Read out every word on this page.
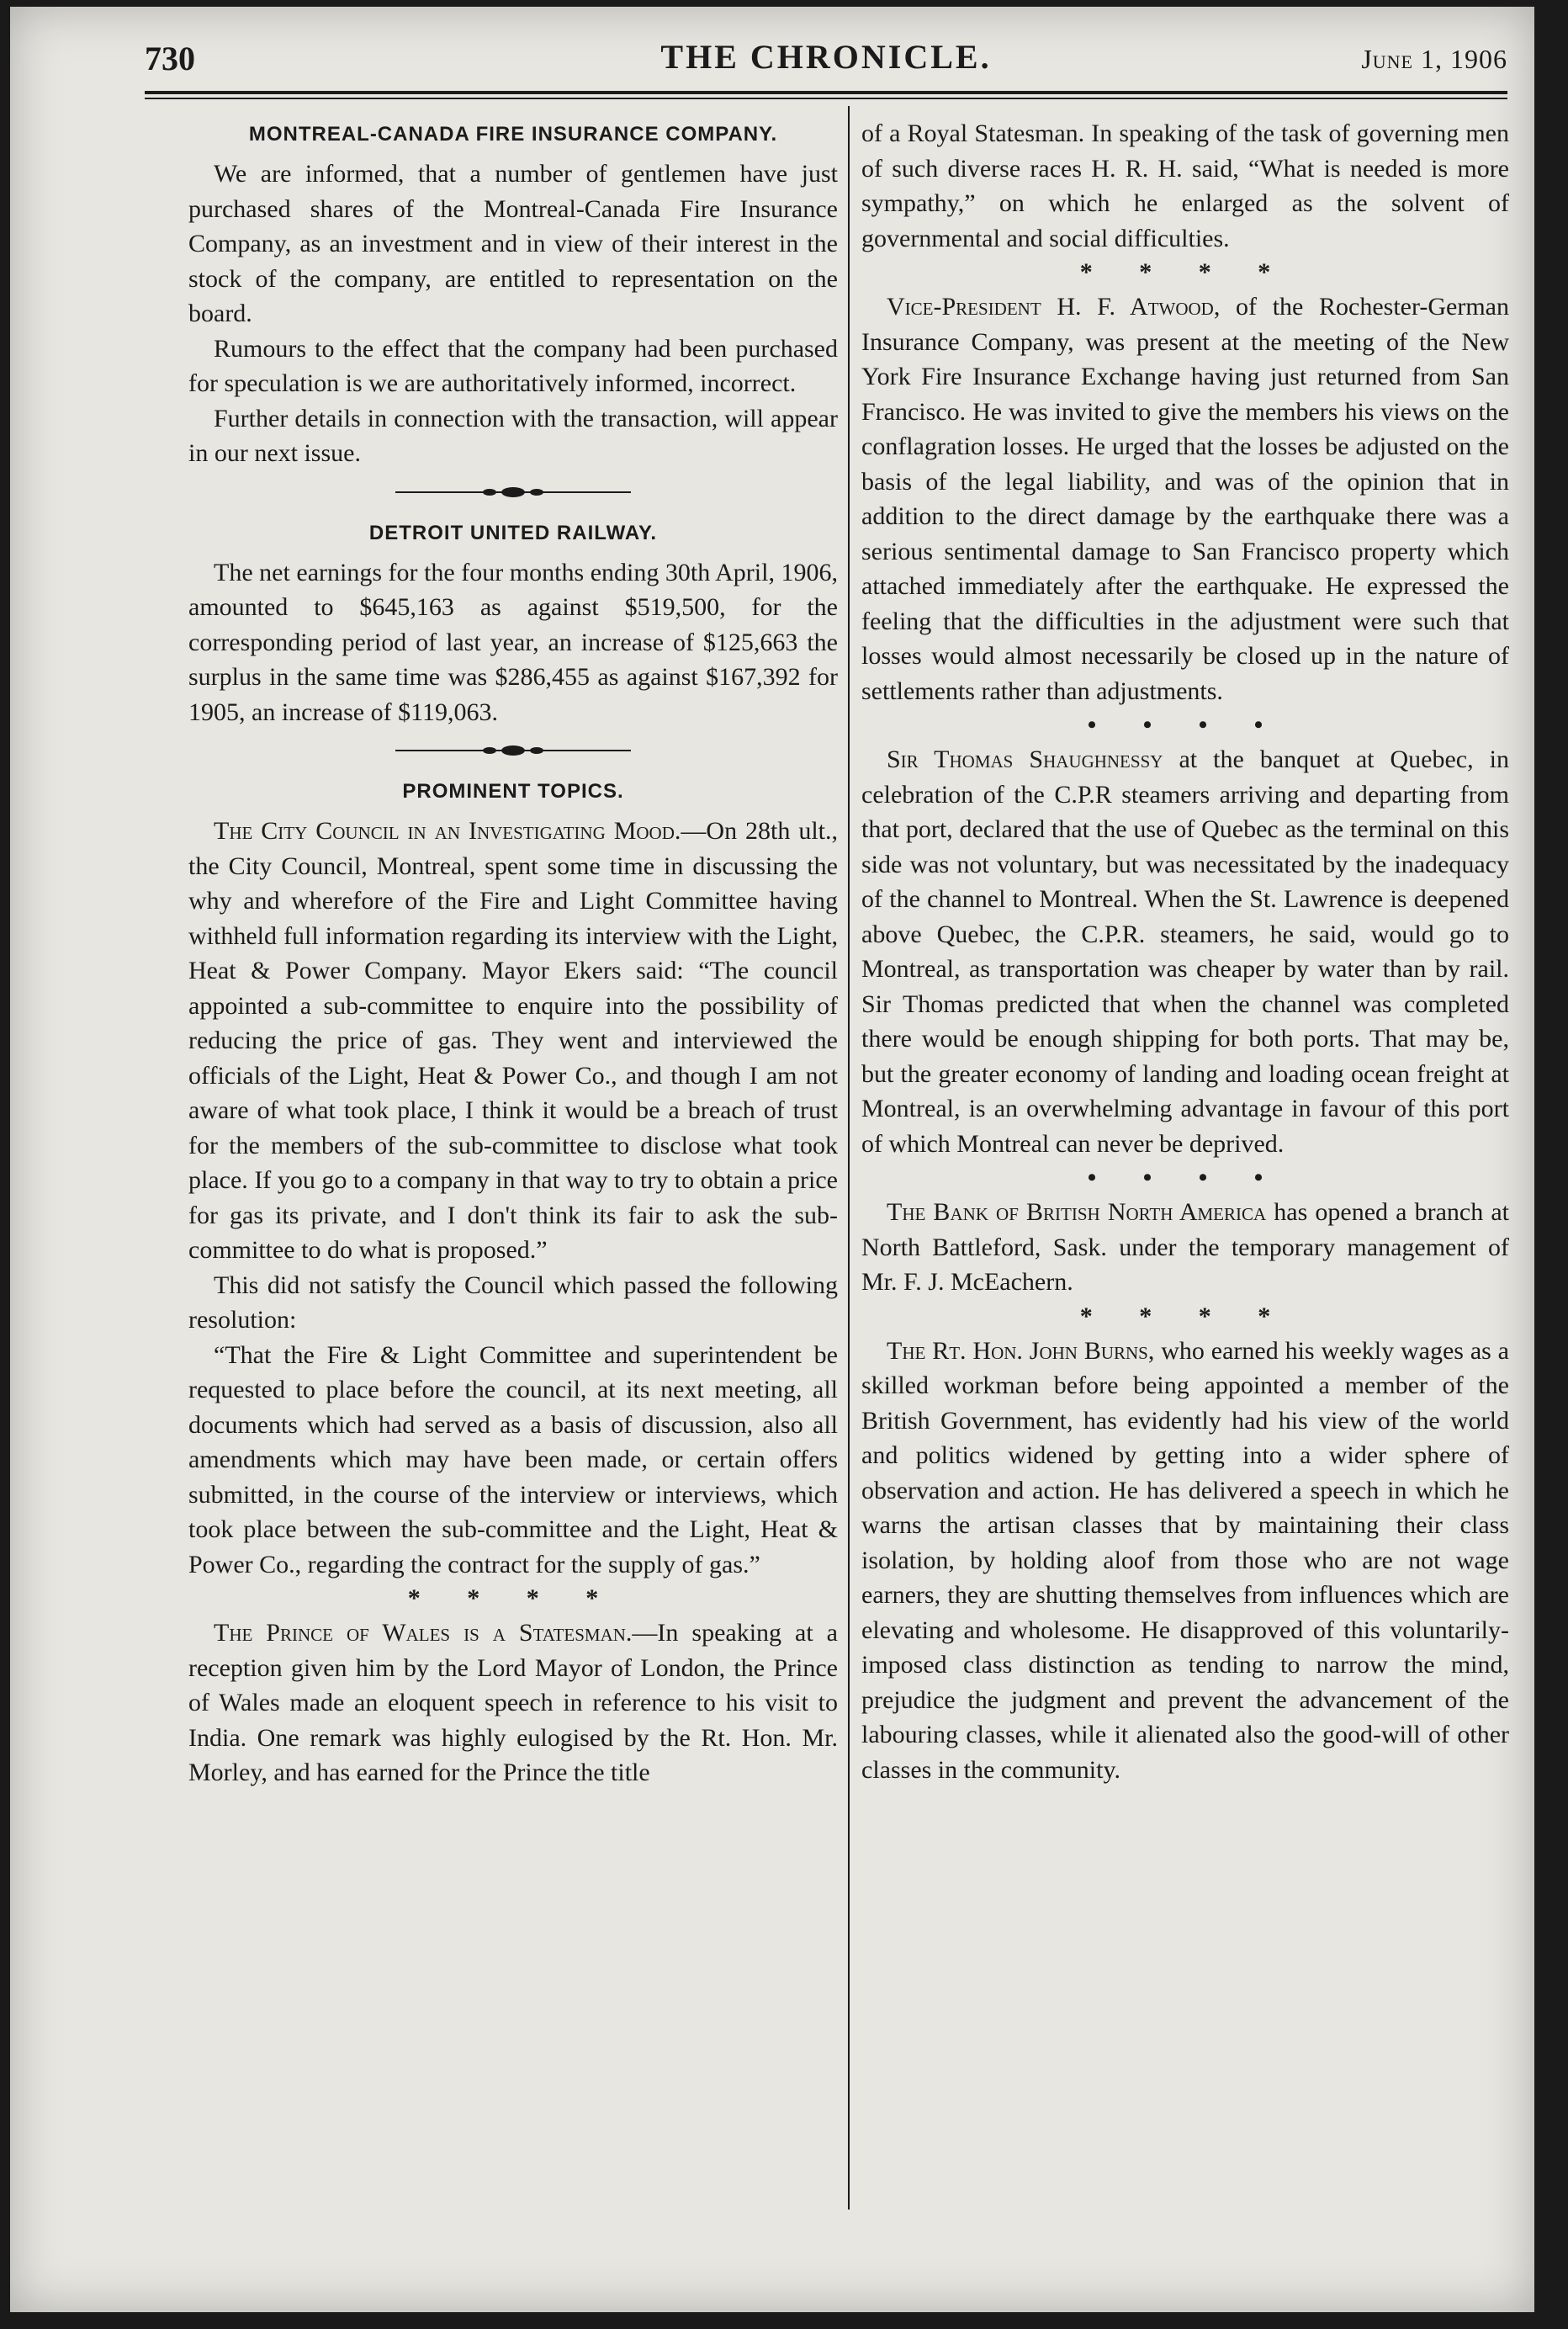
730	THE CHRONICLE.	June 1, 1906
MONTREAL-CANADA FIRE INSURANCE COMPANY.

We are informed, that a number of gentlemen have just purchased shares of the Montreal-Canada Fire Insurance Company, as an investment and in view of their interest in the stock of the company, are entitled to representation on the board.

Rumours to the effect that the company had been purchased for speculation is we are authoritatively informed, incorrect.

Further details in connection with the transaction, will appear in our next issue.

DETROIT UNITED RAILWAY.

The net earnings for the four months ending 30th April, 1906, amounted to $645,163 as against $519,500, for the corresponding period of last year, an increase of $125,663 the surplus in the same time was $286,455 as against $167,392 for 1905, an increase of $119,063.

PROMINENT TOPICS.

The City Council in an Investigating Mood.—On 28th ult., the City Council, Montreal, spent some time in discussing the why and wherefore of the Fire and Light Committee having withheld full information regarding its interview with the Light, Heat & Power Company. Mayor Ekers said: “The council appointed a sub-committee to enquire into the possibility of reducing the price of gas. They went and interviewed the officials of the Light, Heat & Power Co., and though I am not aware of what took place, I think it would be a breach of trust for the members of the sub-committee to disclose what took place. If you go to a company in that way to try to obtain a price for gas its private, and I don't think its fair to ask the sub-committee to do what is proposed.”

This did not satisfy the Council which passed the following resolution:

“That the Fire & Light Committee and superintendent be requested to place before the council, at its next meeting, all documents which had served as a basis of discussion, also all amendments which may have been made, or certain offers submitted, in the course of the interview or interviews, which took place between the sub-committee and the Light, Heat & Power Co., regarding the contract for the supply of gas.”

* * * *

The Prince of Wales is a Statesman.—In speaking at a reception given him by the Lord Mayor of London, the Prince of Wales made an eloquent speech in reference to his visit to India. One remark was highly eulogised by the Rt. Hon. Mr. Morley, and has earned for the Prince the title

of a Royal Statesman. In speaking of the task of governing men of such diverse races H. R. H. said, “What is needed is more sympathy,” on which he enlarged as the solvent of governmental and social difficulties.

* * * *

Vice-President H. F. Atwood, of the Rochester-German Insurance Company, was present at the meeting of the New York Fire Insurance Exchange having just returned from San Francisco. He was invited to give the members his views on the conflagration losses. He urged that the losses be adjusted on the basis of the legal liability, and was of the opinion that in addition to the direct damage by the earthquake there was a serious sentimental damage to San Francisco property which attached immediately after the earthquake. He expressed the feeling that the difficulties in the adjustment were such that losses would almost necessarily be closed up in the nature of settlements rather than adjustments.

• • • •

Sir Thomas Shaughnessy at the banquet at Quebec, in celebration of the C.P.R steamers arriving and departing from that port, declared that the use of Quebec as the terminal on this side was not voluntary, but was necessitated by the inadequacy of the channel to Montreal. When the St. Lawrence is deepened above Quebec, the C.P.R. steamers, he said, would go to Montreal, as transportation was cheaper by water than by rail. Sir Thomas predicted that when the channel was completed there would be enough shipping for both ports. That may be, but the greater economy of landing and loading ocean freight at Montreal, is an overwhelming advantage in favour of this port of which Montreal can never be deprived.

• • • •

The Bank of British North America has opened a branch at North Battleford, Sask. under the temporary management of Mr. F. J. McEachern.

* * * *

The Rt. Hon. John Burns, who earned his weekly wages as a skilled workman before being appointed a member of the British Government, has evidently had his view of the world and politics widened by getting into a wider sphere of observation and action. He has delivered a speech in which he warns the artisan classes that by maintaining their class isolation, by holding aloof from those who are not wage earners, they are shutting themselves from influences which are elevating and wholesome. He disapproved of this voluntarily-imposed class distinction as tending to narrow the mind, prejudice the judgment and prevent the advancement of the labouring classes, while it alienated also the good-will of other classes in the community.
